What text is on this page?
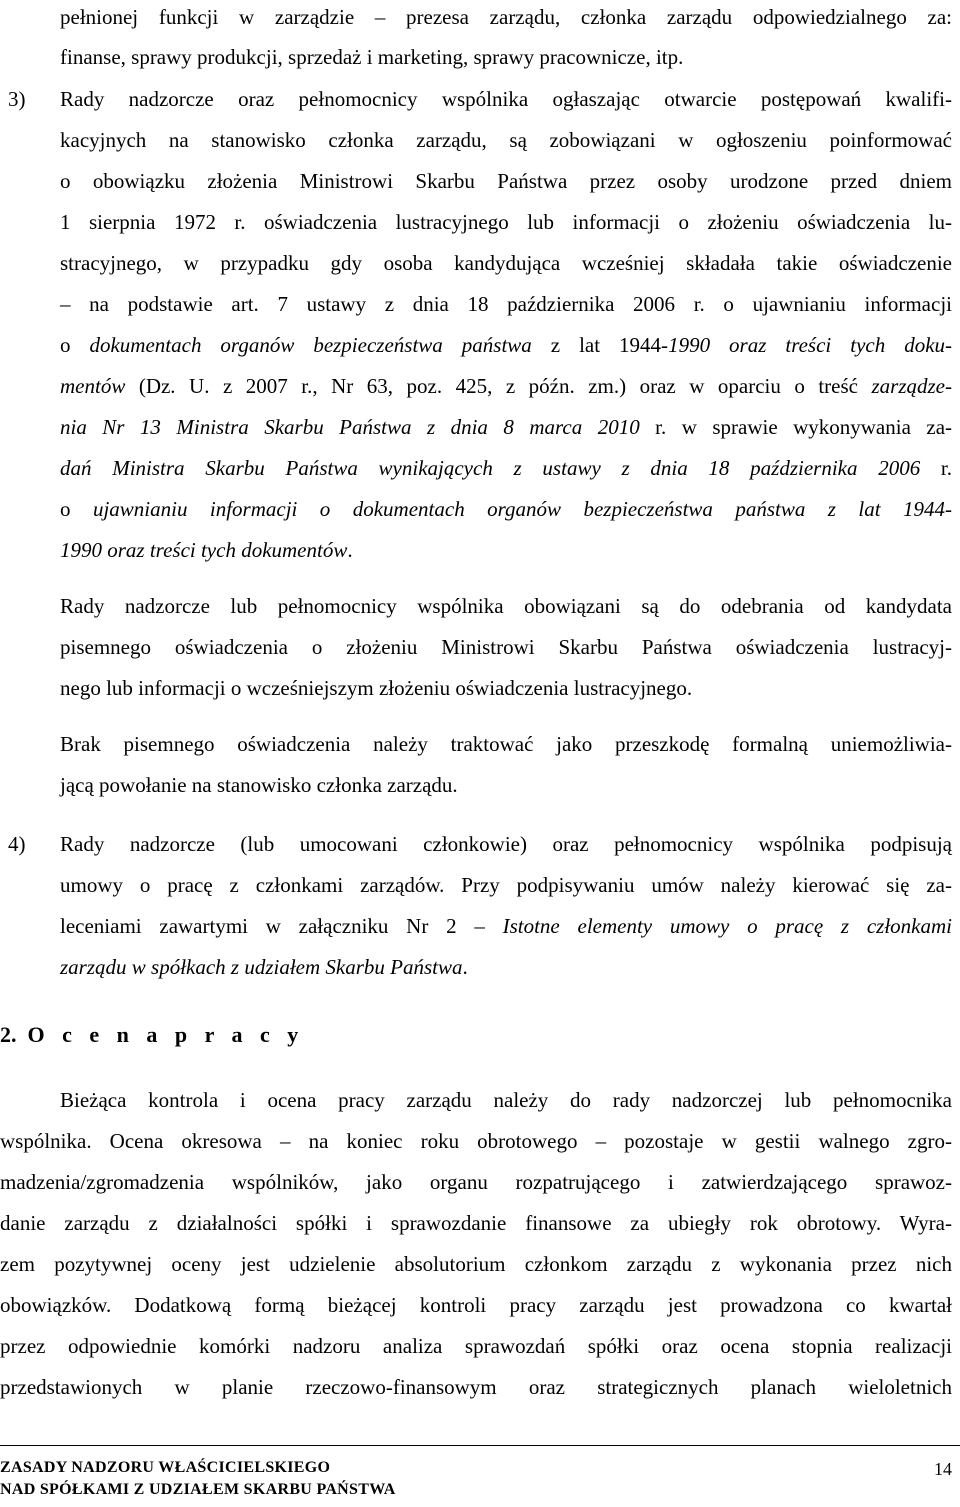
pełnionej funkcji w zarządzie – prezesa zarządu, członka zarządu odpowiedzialnego za:

finanse, sprawy produkcji, sprzedaż i marketing, sprawy pracownicze, itp.

3) Rady nadzorcze oraz pełnomocnicy wspólnika ogłaszając otwarcie postępowań kwalifi-

kacyjnych na stanowisko członka zarządu, są zobowiązani w ogłoszeniu poinformować

o obowiązku złożenia Ministrowi Skarbu Państwa przez osoby urodzone przed dniem

1 sierpnia 1972 r. oświadczenia lustracyjnego lub informacji o złożeniu oświadczenia lu-

stracyjnego, w przypadku gdy osoba kandydująca wcześniej składała takie oświadczenie

– na podstawie art. 7 ustawy z dnia 18 października 2006 r. o ujawnianiu informacji

o dokumentach organów bezpieczeństwa państwa z lat 1944-1990 oraz treści tych doku-

mentów (Dz. U. z 2007 r., Nr 63, poz. 425, z późn. zm.) oraz w oparciu o treść zarządze-

nia Nr 13 Ministra Skarbu Państwa z dnia 8 marca 2010 r. w sprawie wykonywania za-

dań Ministra Skarbu Państwa wynikających z ustawy z dnia 18 października 2006 r.

o ujawnianiu informacji o dokumentach organów bezpieczeństwa państwa z lat 1944-

1990 oraz treści tych dokumentów.

Rady nadzorcze lub pełnomocnicy wspólnika obowiązani są do odebrania od kandydata

pisemnego oświadczenia o złożeniu Ministrowi Skarbu Państwa oświadczenia lustracyj-

nego lub informacji o wcześniejszym złożeniu oświadczenia lustracyjnego.

Brak pisemnego oświadczenia należy traktować jako przeszkodę formalną uniemożliwia-

jącą powołanie na stanowisko członka zarządu.

4) Rady nadzorcze (lub umocowani członkowie) oraz pełnomocnicy wspólnika podpisują

umowy o pracę z członkami zarządów. Przy podpisywaniu umów należy kierować się za-

leceniami zawartymi w załączniku Nr 2 – Istotne elementy umowy o pracę z członkami

zarządu w spółkach z udziałem Skarbu Państwa.

2. O c e n a p r a c y

Bieżąca kontrola i ocena pracy zarządu należy do rady nadzorczej lub pełnomocnika

wspólnika. Ocena okresowa – na koniec roku obrotowego – pozostaje w gestii walnego zgro-

madzenia/zgromadzenia wspólników, jako organu rozpatrującego i zatwierdzającego sprawoz-

danie zarządu z działalności spółki i sprawozdanie finansowe za ubiegły rok obrotowy. Wyra-

zem pozytywnej oceny jest udzielenie absolutorium członkom zarządu z wykonania przez nich

obowiązków. Dodatkową formą bieżącej kontroli pracy zarządu jest prowadzona co kwartał

przez odpowiednie komórki nadzoru analiza sprawozdań spółki oraz ocena stopnia realizacji

przedstawionych w planie rzeczowo-finansowym oraz strategicznych planach wieloletnich

ZASADY NADZORU WŁAŚCICIELSKIEGO
NAD SPÓŁKAMI Z UDZIAŁEM SKARBU PAŃSTWA
14
